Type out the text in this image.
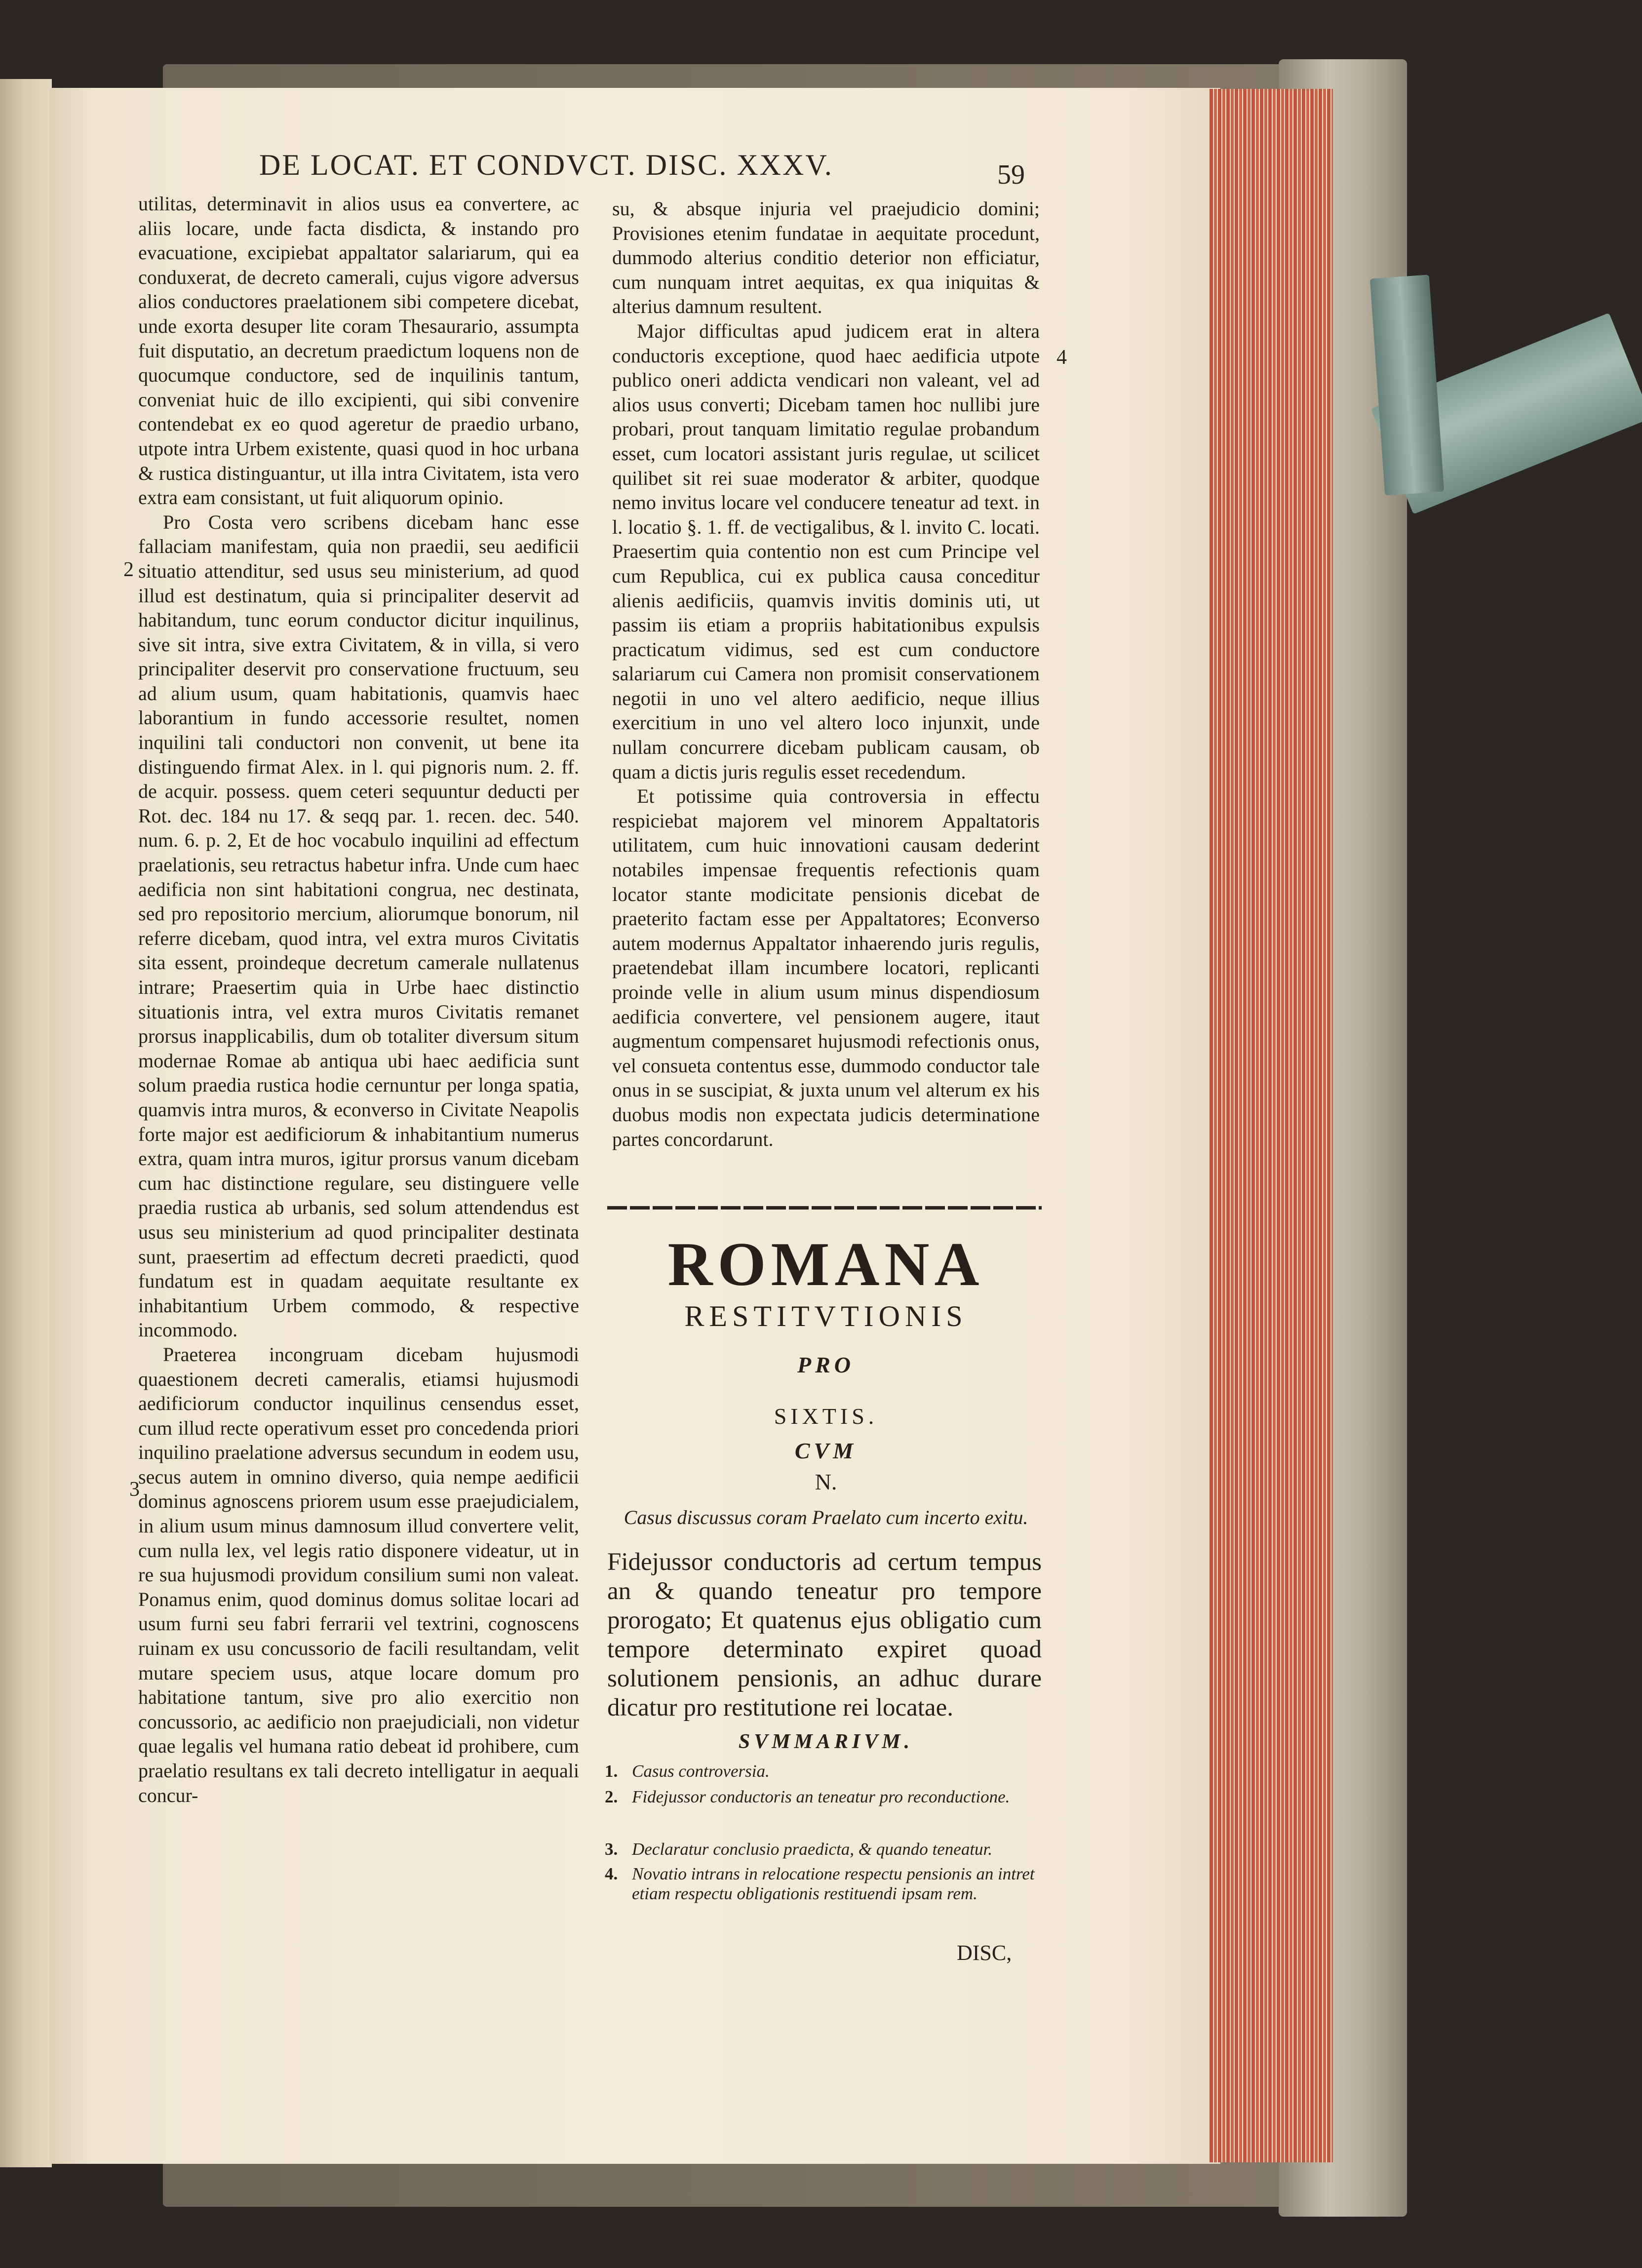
DE LOCAT. ET CONDVCT. DISC. XXXV.	59

utilitas, determinavit in alios usus ea convertere, ac aliis locare, unde facta disdicta, & instando pro evacuatione, excipiebat appaltator salariarum, qui ea conduxerat, de decreto camerali, cujus vigore adversus alios conductores praelationem sibi competere dicebat, unde exorta desuper lite coram Thesaurario, assumpta fuit disputatio, an decretum praedictum loquens non de quocumque conductore, sed de inquilinis tantum, conveniat huic de illo excipienti, qui sibi convenire contendebat ex eo quod ageretur de praedio urbano, utpote intra Urbem existente, quasi quod in hoc urbana & rustica distinguantur, ut illa intra Civitatem, ista vero extra eam consistant, ut fuit aliquorum opinio.

Pro Costa vero scribens dicebam hanc esse fallaciam manifestam, quia non praedii, seu aedificii situatio attenditur, sed usus seu ministerium, ad quod illud est destinatum, quia si principaliter deservit ad habitandum, tunc eorum conductor dicitur inquilinus, sive sit intra, sive extra Civitatem, & in villa, si vero principaliter deservit pro conservatione fructuum, seu ad alium usum, quam habitationis, quamvis haec laborantium in fundo accessorie resultet, nomen inquilini tali conductori non convenit, ut bene ita distinguendo firmat Alex. in l. qui pignoris num. 2. ff. de acquir. possess. quem ceteri sequuntur deducti per Rot. dec. 184 nu 17. & seqq par. 1. recen. dec. 540. num. 6. p. 2, Et de hoc vocabulo inquilini ad effectum praelationis, seu retractus habetur infra. Unde cum haec aedificia non sint habitationi congrua, nec destinata, sed pro repositorio mercium, aliorumque bonorum, nil referre dicebam, quod intra, vel extra muros Civitatis sita essent, proindeque decretum camerale nullatenus intrare; Praesertim quia in Urbe haec distinctio situationis intra, vel extra muros Civitatis remanet prorsus inapplicabilis, dum ob totaliter diversum situm modernae Romae ab antiqua ubi haec aedificia sunt solum praedia rustica hodie cernuntur per longa spatia, quamvis intra muros, & econverso in Civitate Neapolis forte major est aedificiorum & inhabitantium numerus extra, quam intra muros, igitur prorsus vanum dicebam cum hac distinctione regulare, seu distinguere velle praedia rustica ab urbanis, sed solum attendendus est usus seu ministerium ad quod principaliter destinata sunt, praesertim ad effectum decreti praedicti, quod fundatum est in quadam aequitate resultante ex inhabitantium Urbem commodo, & respective incommodo.

Praeterea incongruam dicebam hujusmodi quaestionem decreti cameralis, etiamsi hujusmodi aedificiorum conductor inquilinus censendus esset, cum illud recte operativum esset pro concedenda priori inquilino praelatione adversus secundum in eodem usu, secus autem in omnino diverso, quia nempe aedificii dominus agnoscens priorem usum esse praejudicialem, in alium usum minus damnosum illud convertere velit, cum nulla lex, vel legis ratio disponere videatur, ut in re sua hujusmodi providum consilium sumi non valeat. Ponamus enim, quod dominus domus solitae locari ad usum furni seu fabri ferrarii vel textrini, cognoscens ruinam ex usu concussorio de facili resultandam, velit mutare speciem usus, atque locare domum pro habitatione tantum, sive pro alio exercitio non concussorio, ac aedificio non praejudiciali, non videtur quae legalis vel humana ratio debeat id prohibere, cum praelatio resultans ex tali decreto intelligatur in aequali concur-

2
3

su, & absque injuria vel praejudicio domini; Provisiones etenim fundatae in aequitate procedunt, dummodo alterius conditio deterior non efficiatur, cum nunquam intret aequitas, ex qua iniquitas & alterius damnum resultent.

Major difficultas apud judicem erat in altera conductoris exceptione, quod haec aedificia utpote publico oneri addicta vendicari non valeant, vel ad alios usus converti; Dicebam tamen hoc nullibi jure probari, prout tanquam limitatio regulae probandum esset, cum locatori assistant juris regulae, ut scilicet quilibet sit rei suae moderator & arbiter, quodque nemo invitus locare vel conducere teneatur ad text. in l. locatio §. 1. ff. de vectigalibus, & l. invito C. locati. Praesertim quia contentio non est cum Principe vel cum Republica, cui ex publica causa conceditur alienis aedificiis, quamvis invitis dominis uti, ut passim iis etiam a propriis habitationibus expulsis practicatum vidimus, sed est cum conductore salariarum cui Camera non promisit conservationem negotii in uno vel altero aedificio, neque illius exercitium in uno vel altero loco injunxit, unde nullam concurrere dicebam publicam causam, ob quam a dictis juris regulis esset recedendum.

Et potissime quia controversia in effectu respiciebat majorem vel minorem Appaltatoris utilitatem, cum huic innovationi causam dederint notabiles impensae frequentis refectionis quam locator stante modicitate pensionis dicebat de praeterito factam esse per Appaltatores; Econverso autem modernus Appaltator inhaerendo juris regulis, praetendebat illam incumbere locatori, replicanti proinde velle in alium usum minus dispendiosum aedificia convertere, vel pensionem augere, itaut augmentum compensaret hujusmodi refectionis onus, vel consueta contentus esse, dummodo conductor tale onus in se suscipiat, & juxta unum vel alterum ex his duobus modis non expectata judicis determinatione partes concordarunt.

4
ROMANA
RESTITVTIONIS
PRO
SIXTIS.
CVM
N.
Casus discussus coram Praelato cum incerto exitu.
Fidejussor conductoris ad certum tempus an & quando teneatur pro tempore prorogato; Et quatenus ejus obligatio cum tempore determinato expiret quoad solutionem pensionis, an adhuc durare dicatur pro restitutione rei locatae.
SVMMARIVM.
1. Casus controversia.
2. Fidejussor conductoris an teneatur pro reconductione.
3. Declaratur conclusio praedicta, & quando teneatur.
4. Novatio intrans in relocatione respectu pensionis an intret etiam respectu obligationis restituendi ipsam rem.
DISC,
